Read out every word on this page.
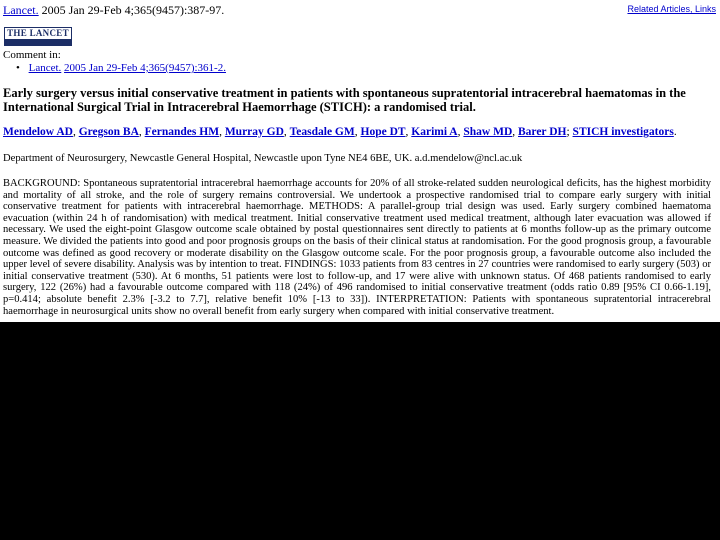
Lancet. 2005 Jan 29-Feb 4;365(9457):387-97.	Related Articles, Links
THE LANCET
Comment in:
• Lancet. 2005 Jan 29-Feb 4;365(9457):361-2.
Early surgery versus initial conservative treatment in patients with spontaneous supratentorial intracerebral haematomas in the International Surgical Trial in Intracerebral Haemorrhage (STICH): a randomised trial.
Mendelow AD, Gregson BA, Fernandes HM, Murray GD, Teasdale GM, Hope DT, Karimi A, Shaw MD, Barer DH; STICH investigators.
Department of Neurosurgery, Newcastle General Hospital, Newcastle upon Tyne NE4 6BE, UK. a.d.mendelow@ncl.ac.uk
BACKGROUND: Spontaneous supratentorial intracerebral haemorrhage accounts for 20% of all stroke-related sudden neurological deficits, has the highest morbidity and mortality of all stroke, and the role of surgery remains controversial. We undertook a prospective randomised trial to compare early surgery with initial conservative treatment for patients with intracerebral haemorrhage. METHODS: A parallel-group trial design was used. Early surgery combined haematoma evacuation (within 24 h of randomisation) with medical treatment. Initial conservative treatment used medical treatment, although later evacuation was allowed if necessary. We used the eight-point Glasgow outcome scale obtained by postal questionnaires sent directly to patients at 6 months follow-up as the primary outcome measure. We divided the patients into good and poor prognosis groups on the basis of their clinical status at randomisation. For the good prognosis group, a favourable outcome was defined as good recovery or moderate disability on the Glasgow outcome scale. For the poor prognosis group, a favourable outcome also included the upper level of severe disability. Analysis was by intention to treat. FINDINGS: 1033 patients from 83 centres in 27 countries were randomised to early surgery (503) or initial conservative treatment (530). At 6 months, 51 patients were lost to follow-up, and 17 were alive with unknown status. Of 468 patients randomised to early surgery, 122 (26%) had a favourable outcome compared with 118 (24%) of 496 randomised to initial conservative treatment (odds ratio 0.89 [95% CI 0.66-1.19], p=0.414; absolute benefit 2.3% [-3.2 to 7.7], relative benefit 10% [-13 to 33]). INTERPRETATION: Patients with spontaneous supratentorial intracerebral haemorrhage in neurosurgical units show no overall benefit from early surgery when compared with initial conservative treatment.
